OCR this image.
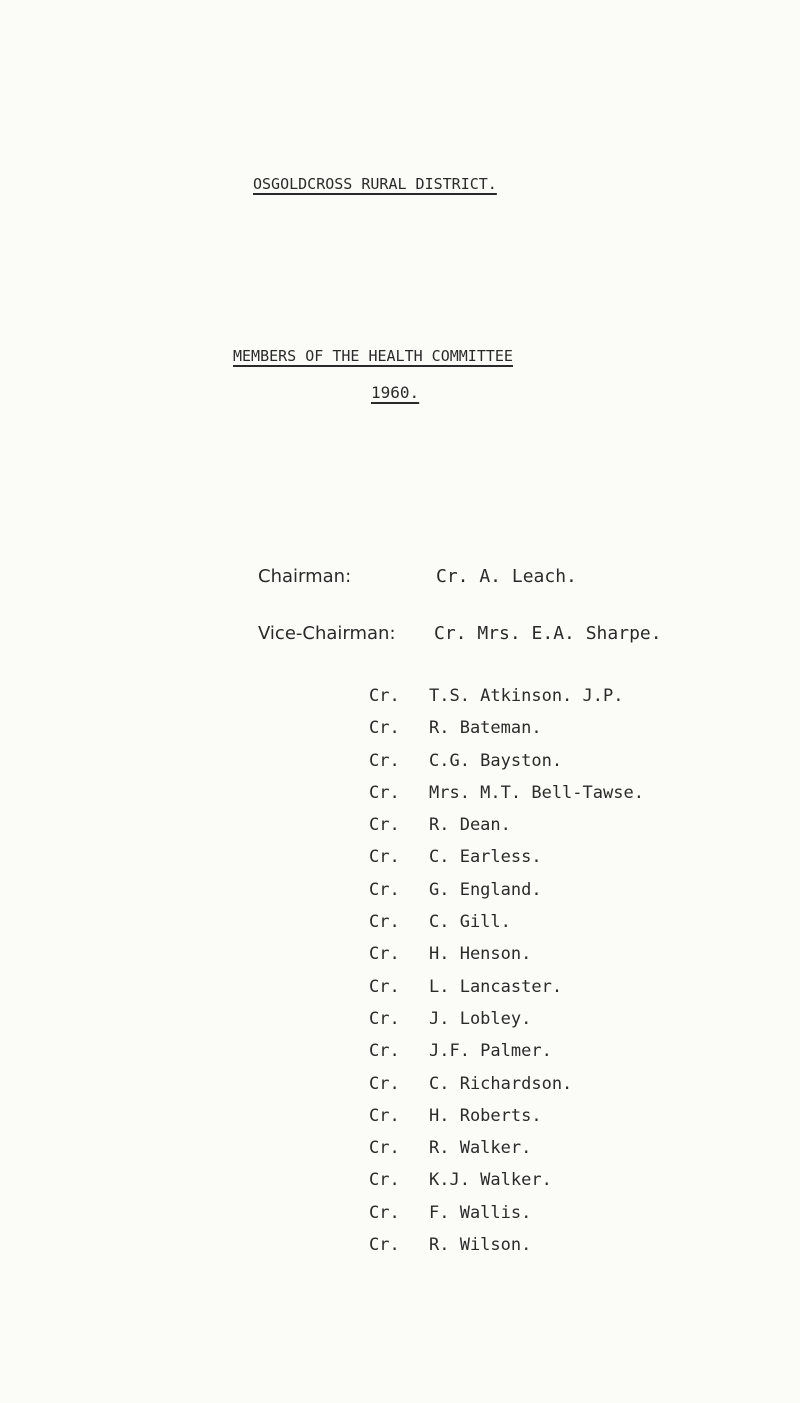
OSGOLDCROSS RURAL DISTRICT.
MEMBERS OF THE HEALTH COMMITTEE
1960.
Chairman:	Cr. A. Leach.
Vice-Chairman: Cr. Mrs. E.A. Sharpe.
Cr. T.S. Atkinson. J.P.
Cr. R. Bateman.
Cr. C.G. Bayston.
Cr. Mrs. M.T. Bell-Tawse.
Cr. R. Dean.
Cr. C. Earless.
Cr. G. England.
Cr. C. Gill.
Cr. H. Henson.
Cr. L. Lancaster.
Cr. J. Lobley.
Cr. J.F. Palmer.
Cr. C. Richardson.
Cr. H. Roberts.
Cr. R. Walker.
Cr. K.J. Walker.
Cr. F. Wallis.
Cr. R. Wilson.
